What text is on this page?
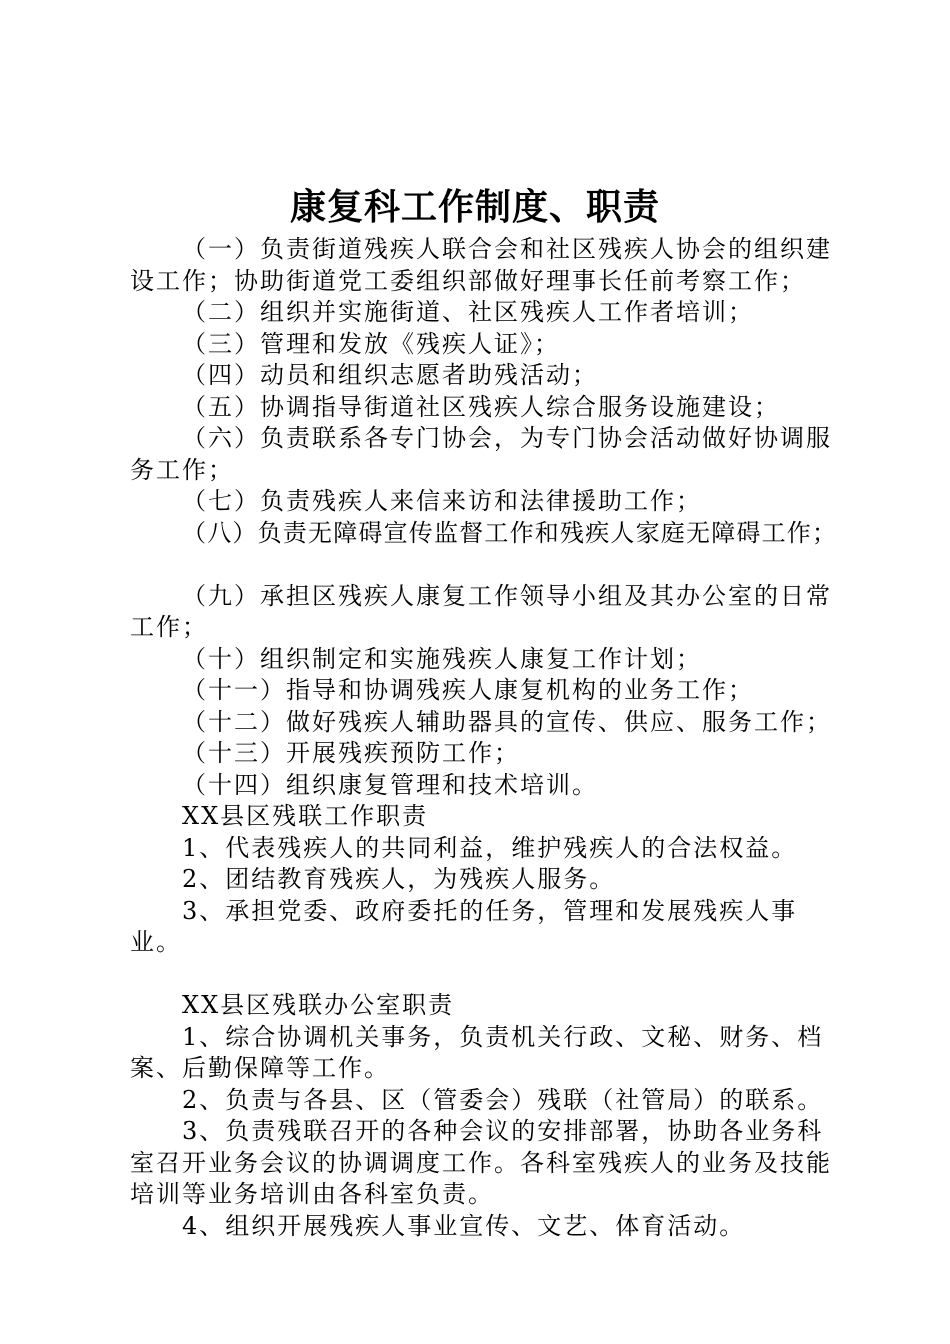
康复科工作制度、职责

（一）负责街道残疾人联合会和社区残疾人协会的组织建设工作；协助街道党工委组织部做好理事长任前考察工作；

（二）组织并实施街道、社区残疾人工作者培训；

（三）管理和发放《残疾人证》；

（四）动员和组织志愿者助残活动；

（五）协调指导街道社区残疾人综合服务设施建设；

（六）负责联系各专门协会，为专门协会活动做好协调服务工作；

（七）负责残疾人来信来访和法律援助工作；

（八）负责无障碍宣传监督工作和残疾人家庭无障碍工作；

（九）承担区残疾人康复工作领导小组及其办公室的日常工作；

（十）组织制定和实施残疾人康复工作计划；

（十一）指导和协调残疾人康复机构的业务工作；

（十二）做好残疾人辅助器具的宣传、供应、服务工作；

（十三）开展残疾预防工作；

（十四）组织康复管理和技术培训。

XX县区残联工作职责

1、代表残疾人的共同利益，维护残疾人的合法权益。

2、团结教育残疾人，为残疾人服务。

3、承担党委、政府委托的任务，管理和发展残疾人事业。

XX县区残联办公室职责

1、综合协调机关事务，负责机关行政、文秘、财务、档案、后勤保障等工作。

2、负责与各县、区（管委会）残联（社管局）的联系。

3、负责残联召开的各种会议的安排部署，协助各业务科室召开业务会议的协调调度工作。各科室残疾人的业务及技能培训等业务培训由各科室负责。

4、组织开展残疾人事业宣传、文艺、体育活动。
